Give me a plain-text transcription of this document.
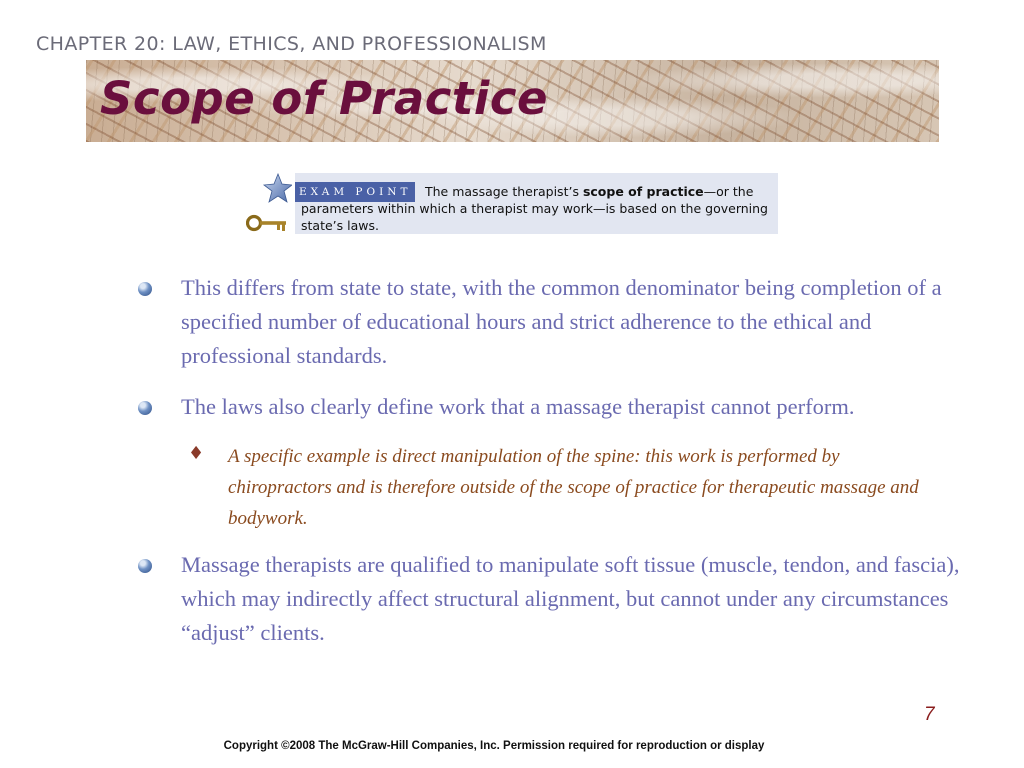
CHAPTER 20: LAW, ETHICS, AND PROFESSIONALISM
Scope of Practice
EXAM POINT	The massage therapist’s scope of practice—or the parameters within which a therapist may work—is based on the governing state’s laws.
This differs from state to state, with the common denominator being completion of a specified number of educational hours and strict adherence to the ethical and professional standards.
The laws also clearly define work that a massage therapist cannot perform.
♦ A specific example is direct manipulation of the spine: this work is performed by chiropractors and is therefore outside of the scope of practice for therapeutic massage and bodywork.
Massage therapists are qualified to manipulate soft tissue (muscle, tendon, and fascia), which may indirectly affect structural alignment, but cannot under any circumstances “adjust” clients.
7
Copyright ©2008 The McGraw-Hill Companies, Inc. Permission required for reproduction or display
